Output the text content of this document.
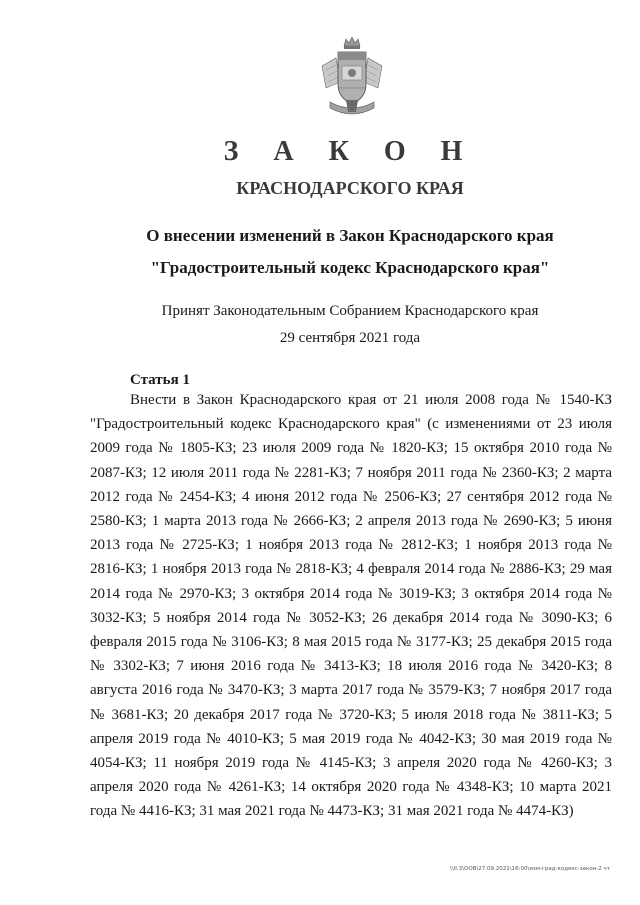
З А К О Н
КРАСНОДАРСКОГО КРАЯ
О внесении изменений в Закон Краснодарского края
"Градостроительный кодекс Краснодарского края"
Принят Законодательным Собранием Краснодарского края
29 сентября 2021 года
Статья 1

Внести в Закон Краснодарского края от 21 июля 2008 года № 1540-КЗ "Градостроительный кодекс Краснодарского края" (с изменениями от 23 июля 2009 года № 1805-КЗ; 23 июля 2009 года № 1820-КЗ; 15 октября 2010 года № 2087-КЗ; 12 июля 2011 года № 2281-КЗ; 7 ноября 2011 года № 2360-КЗ; 2 марта 2012 года № 2454-КЗ; 4 июня 2012 года № 2506-КЗ; 27 сентября 2012 года № 2580-КЗ; 1 марта 2013 года № 2666-КЗ; 2 апреля 2013 года № 2690-КЗ; 5 июня 2013 года № 2725-КЗ; 1 ноября 2013 года № 2812-КЗ; 1 ноября 2013 года № 2816-КЗ; 1 ноября 2013 года № 2818-КЗ; 4 февраля 2014 года № 2886-КЗ; 29 мая 2014 года № 2970-КЗ; 3 октября 2014 года № 3019-КЗ; 3 октября 2014 года № 3032-КЗ; 5 ноября 2014 года № 3052-КЗ; 26 декабря 2014 года № 3090-КЗ; 6 февраля 2015 года № 3106-КЗ; 8 мая 2015 года № 3177-КЗ; 25 декабря 2015 года № 3302-КЗ; 7 июня 2016 года № 3413-КЗ; 18 июля 2016 года № 3420-КЗ; 8 августа 2016 года № 3470-КЗ; 3 марта 2017 года № 3579-КЗ; 7 ноября 2017 года № 3681-КЗ; 20 декабря 2017 года № 3720-КЗ; 5 июля 2018 года № 3811-КЗ; 5 апреля 2019 года № 4010-КЗ; 5 мая 2019 года № 4042-КЗ; 30 мая 2019 года № 4054-КЗ; 11 ноября 2019 года № 4145-КЗ; 3 апреля 2020 года № 4260-КЗ; 3 апреля 2020 года № 4261-КЗ; 14 октября 2020 года № 4348-КЗ; 10 марта 2021 года № 4416-КЗ; 31 мая 2021 года № 4473-КЗ; 31 мая 2021 года № 4474-КЗ)

\\II.3\OOB\27.09.2021\16:00\изм-град-кодекс-закон-2 чт
